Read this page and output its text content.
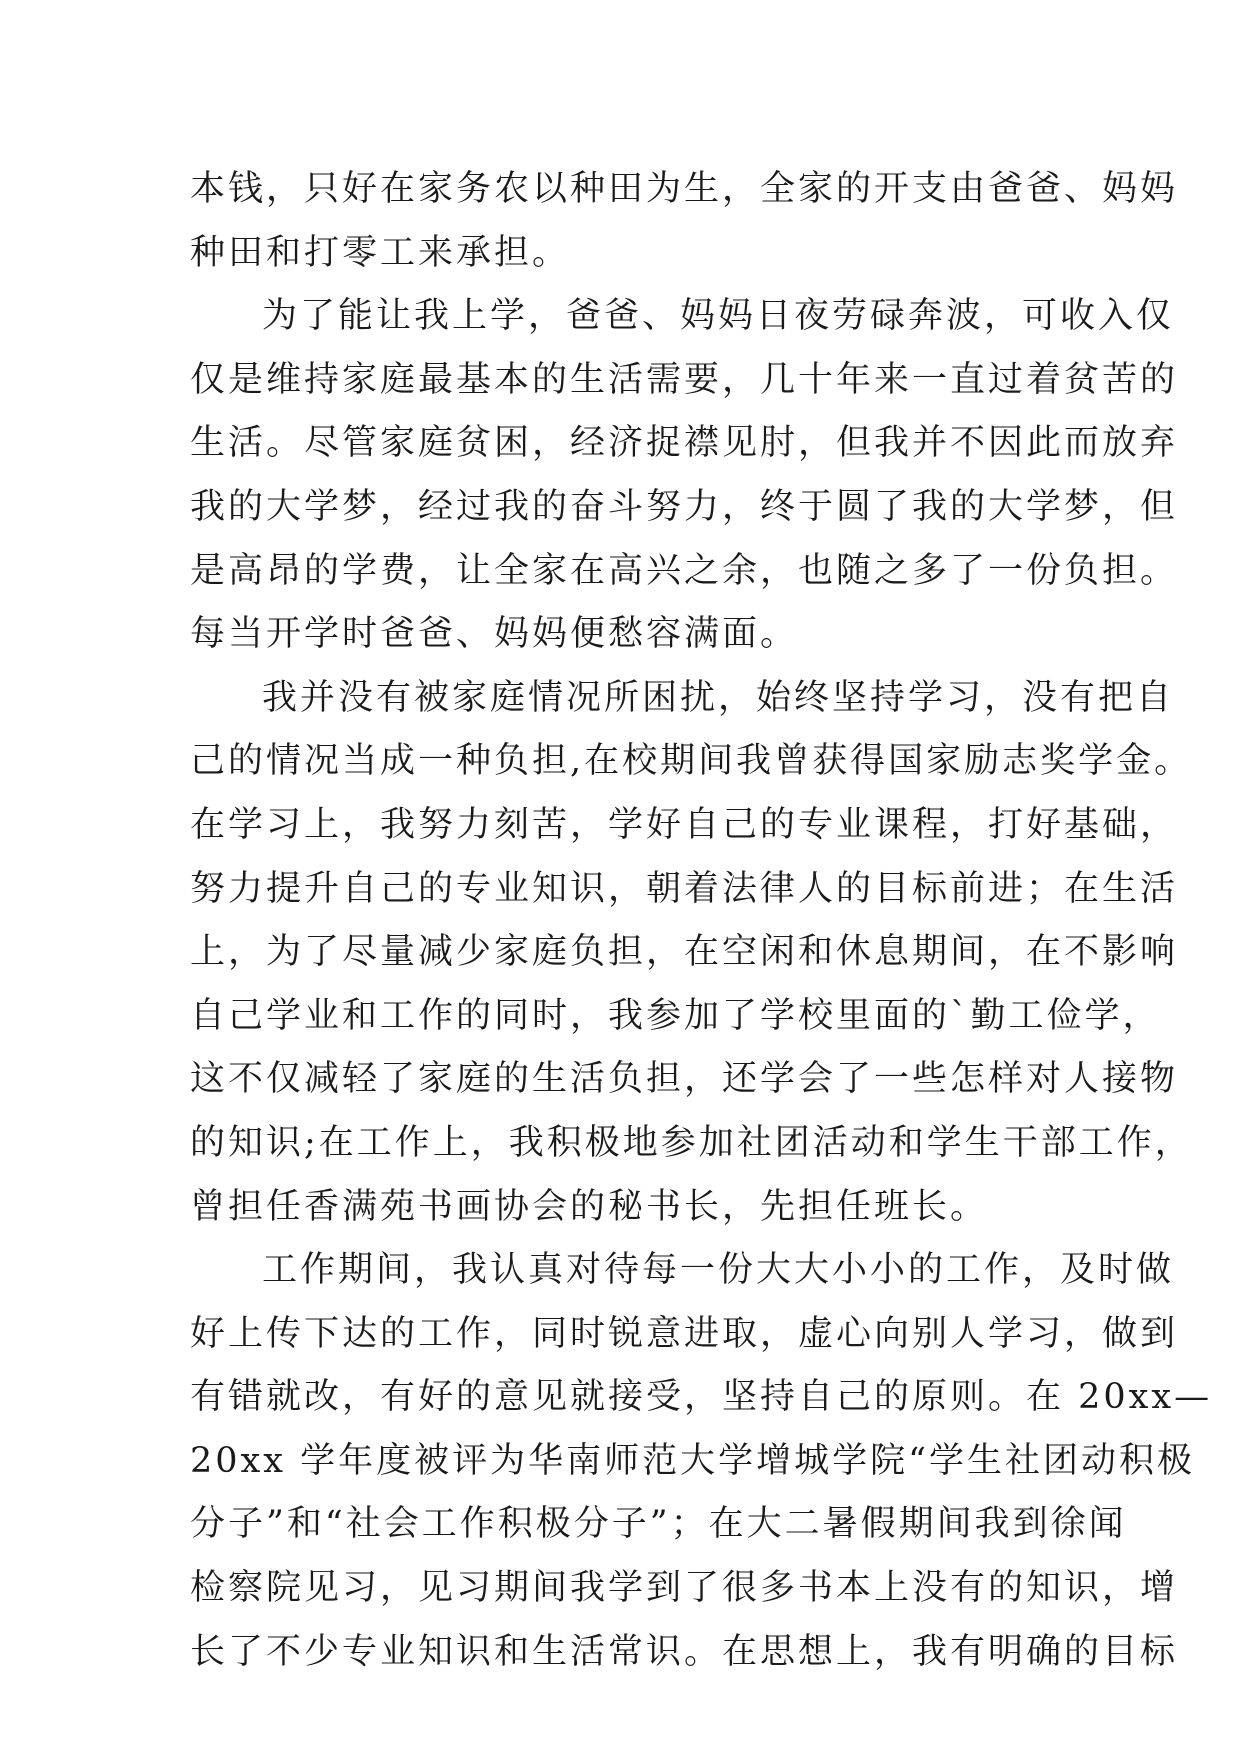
本钱，只好在家务农以种田为生，全家的开支由爸爸、妈妈
种田和打零工来承担。
为了能让我上学，爸爸、妈妈日夜劳碌奔波，可收入仅
仅是维持家庭最基本的生活需要，几十年来一直过着贫苦的
生活。尽管家庭贫困，经济捉襟见肘，但我并不因此而放弃
我的大学梦，经过我的奋斗努力，终于圆了我的大学梦，但
是高昂的学费，让全家在高兴之余，也随之多了一份负担。
每当开学时爸爸、妈妈便愁容满面。
我并没有被家庭情况所困扰，始终坚持学习，没有把自
己的情况当成一种负担,在校期间我曾获得国家励志奖学金。
在学习上，我努力刻苦，学好自己的专业课程，打好基础，
努力提升自己的专业知识，朝着法律人的目标前进；在生活
上，为了尽量减少家庭负担，在空闲和休息期间，在不影响
自己学业和工作的同时，我参加了学校里面的`勤工俭学，
这不仅减轻了家庭的生活负担，还学会了一些怎样对人接物
的知识;在工作上，我积极地参加社团活动和学生干部工作，
曾担任香满苑书画协会的秘书长，先担任班长。
工作期间，我认真对待每一份大大小小的工作，及时做
好上传下达的工作，同时锐意进取，虚心向别人学习，做到
有错就改，有好的意见就接受，坚持自己的原则。在 20xx—
20xx 学年度被评为华南师范大学增城学院“学生社团动积极
分子”和“社会工作积极分子”；在大二暑假期间我到徐闻
检察院见习，见习期间我学到了很多书本上没有的知识，增
长了不少专业知识和生活常识。在思想上，我有明确的目标
